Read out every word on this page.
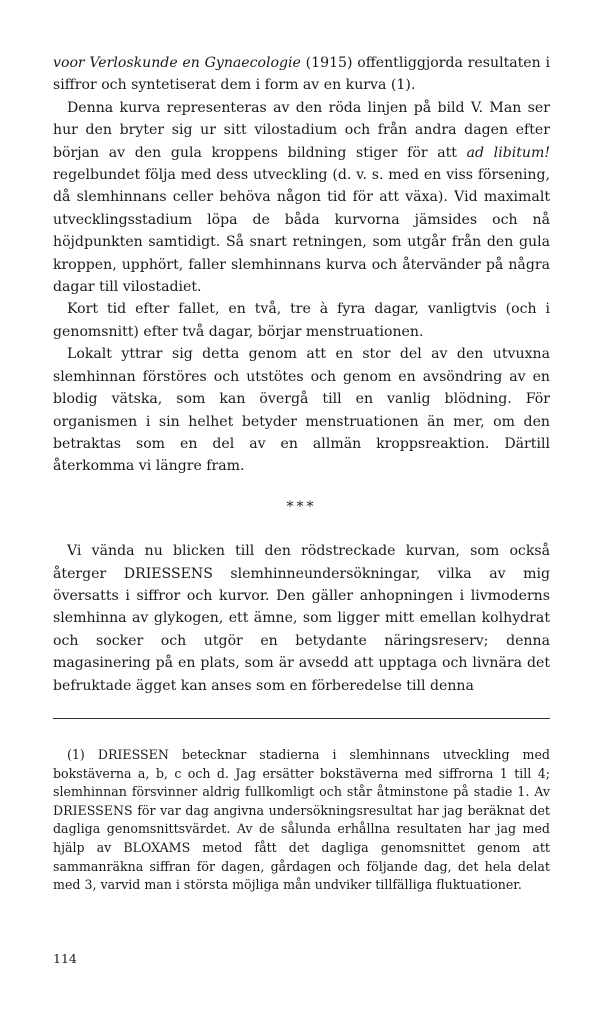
voor Verloskunde en Gynaecologie (1915) offentliggjorda resultaten i siffror och syntetiserat dem i form av en kurva (1).

Denna kurva representeras av den röda linjen på bild V. Man ser hur den bryter sig ur sitt vilostadium och från andra dagen efter början av den gula kroppens bildning stiger för att ad libitum! regelbundet följa med dess utveckling (d. v. s. med en viss försening, då slemhinnans celler behöva någon tid för att växa). Vid maximalt utvecklingsstadium löpa de båda kurvorna jämsides och nå höjdpunkten samtidigt. Så snart retningen, som utgår från den gula kroppen, upphört, faller slemhinnans kurva och återvänder på några dagar till vilostadiet.

Kort tid efter fallet, en två, tre à fyra dagar, vanligtvis (och i genomsnitt) efter två dagar, börjar menstruationen.

Lokalt yttrar sig detta genom att en stor del av den utvuxna slemhinnan förstöres och utstötes och genom en avsöndring av en blodig vätska, som kan övergå till en vanlig blödning. För organismen i sin helhet betyder menstruationen än mer, om den betraktas som en del av en allmän kroppsreaktion. Därtill återkomma vi längre fram.

***

Vi vända nu blicken till den rödstreckade kurvan, som också återger DRIESSENS slemhinneundersökningar, vilka av mig översatts i siffror och kurvor. Den gäller anhopningen i livmoderns slemhinna av glykogen, ett ämne, som ligger mitt emellan kolhydrat och socker och utgör en betydante näringsreserv; denna magasinering på en plats, som är avsedd att upptaga och livnära det befruktade ägget kan anses som en förberedelse till denna

(1) DRIESSEN betecknar stadierna i slemhinnans utveckling med bokstäverna a, b, c och d. Jag ersätter bokstäverna med siffrorna 1 till 4; slemhinnan försvinner aldrig fullkomligt och står åtminstone på stadie 1. Av DRIESSENS för var dag angivna undersökningsresultat har jag beräknat det dagliga genomsnittsvärdet. Av de sålunda erhållna resultaten har jag med hjälp av BLOXAMS metod fått det dagliga genomsnittet genom att sammanräkna siffran för dagen, gårdagen och följande dag, det hela delat med 3, varvid man i största möjliga mån undviker tillfälliga fluktuationer.

114
